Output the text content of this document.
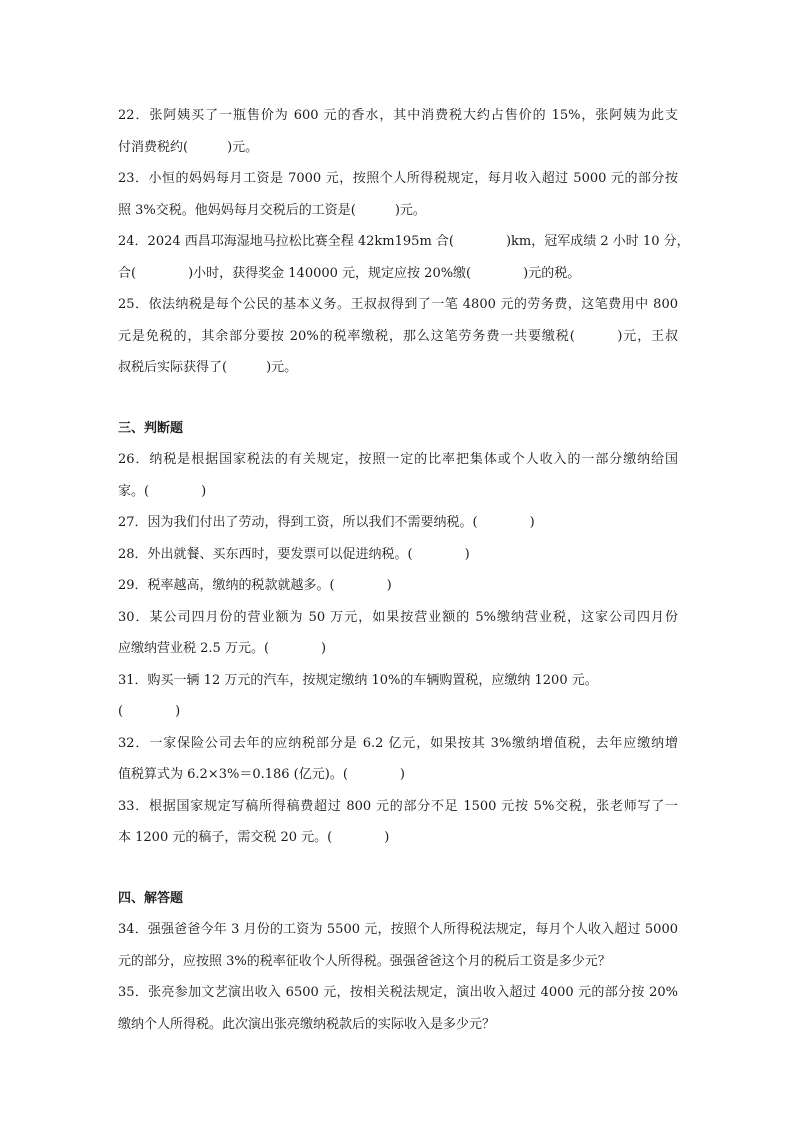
22．张阿姨买了一瓶售价为 600 元的香水，其中消费税大约占售价的 15%，张阿姨为此支
付消费税约(　　　)元。
23．小恒的妈妈每月工资是 7000 元，按照个人所得税规定，每月收入超过 5000 元的部分按
照 3%交税。他妈妈每月交税后的工资是(　　　)元。
24．2024 西昌邛海湿地马拉松比赛全程 42km195m 合(　　　　)km，冠军成绩 2 小时 10 分，
合(　　　　)小时，获得奖金 140000 元，规定应按 20%缴(　　　　)元的税。
25．依法纳税是每个公民的基本义务。王叔叔得到了一笔 4800 元的劳务费，这笔费用中 800
元是免税的，其余部分要按 20%的税率缴税，那么这笔劳务费一共要缴税(　　　)元，王叔
叔税后实际获得了(　　　)元。
三、判断题
26．纳税是根据国家税法的有关规定，按照一定的比率把集体或个人收入的一部分缴纳给国
家。(　　　　)
27．因为我们付出了劳动，得到工资，所以我们不需要纳税。(　　　　)
28．外出就餐、买东西时，要发票可以促进纳税。(　　　　)
29．税率越高，缴纳的税款就越多。(　　　　)
30．某公司四月份的营业额为 50 万元，如果按营业额的 5%缴纳营业税，这家公司四月份
应缴纳营业税 2.5 万元。(　　　　)
31．购买一辆 12 万元的汽车，按规定缴纳 10%的车辆购置税，应缴纳 1200 元。
(　　　　)
32．一家保险公司去年的应纳税部分是 6.2 亿元，如果按其 3%缴纳增值税，去年应缴纳增
值税算式为 6.2×3%＝0.186 (亿元)。(　　　　)
33．根据国家规定写稿所得稿费超过 800 元的部分不足 1500 元按 5%交税，张老师写了一
本 1200 元的稿子，需交税 20 元。(　　　　)
四、解答题
34．强强爸爸今年 3 月份的工资为 5500 元，按照个人所得税法规定，每月个人收入超过 5000
元的部分，应按照 3%的税率征收个人所得税。强强爸爸这个月的税后工资是多少元？
35．张亮参加文艺演出收入 6500 元，按相关税法规定，演出收入超过 4000 元的部分按 20%
缴纳个人所得税。此次演出张亮缴纳税款后的实际收入是多少元？
